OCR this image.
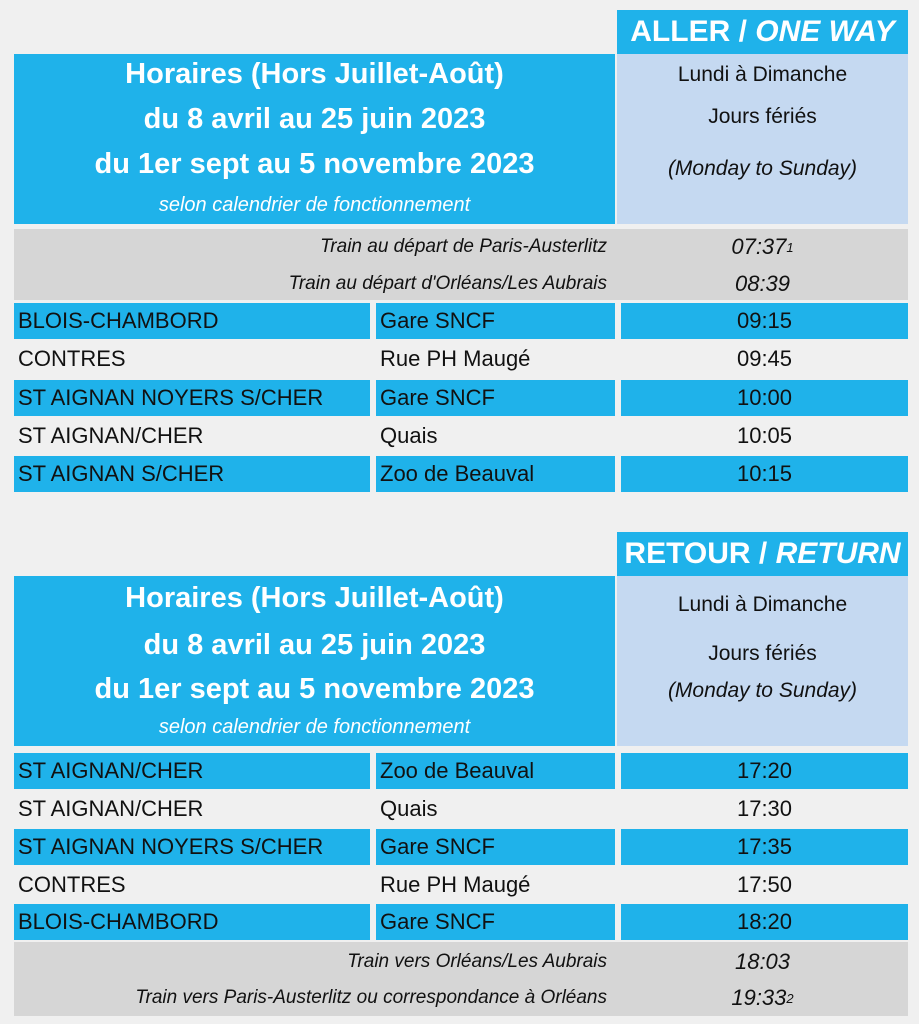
ALLER /
ONE WAY
Horaires (Hors Juillet-Août)
du 8 avril au 25 juin 2023
du 1er sept au 5 novembre 2023
selon calendrier de fonctionnement
Lundi à Dimanche
Jours fériés
(Monday to Sunday)
Train au départ de Paris-Austerlitz	07:37 1
Train au départ d'Orléans/Les Aubrais	08:39
BLOIS-CHAMBORD	Gare SNCF	09:15
CONTRES	Rue PH Maugé	09:45
ST AIGNAN NOYERS S/CHER	Gare SNCF	10:00
ST AIGNAN/CHER	Quais	10:05
ST AIGNAN S/CHER	Zoo de Beauval	10:15
RETOUR /
RETURN
Horaires (Hors Juillet-Août)
du 8 avril au 25 juin 2023
du 1er sept au 5 novembre 2023
selon calendrier de fonctionnement
Lundi à Dimanche
Jours fériés
(Monday to Sunday)
ST AIGNAN/CHER	Zoo de Beauval	17:20
ST AIGNAN/CHER	Quais	17:30
ST AIGNAN NOYERS S/CHER	Gare SNCF	17:35
CONTRES	Rue PH Maugé	17:50
BLOIS-CHAMBORD	Gare SNCF	18:20
Train vers Orléans/Les Aubrais	18:03
Train vers Paris-Austerlitz ou correspondance à Orléans	19:33 2
